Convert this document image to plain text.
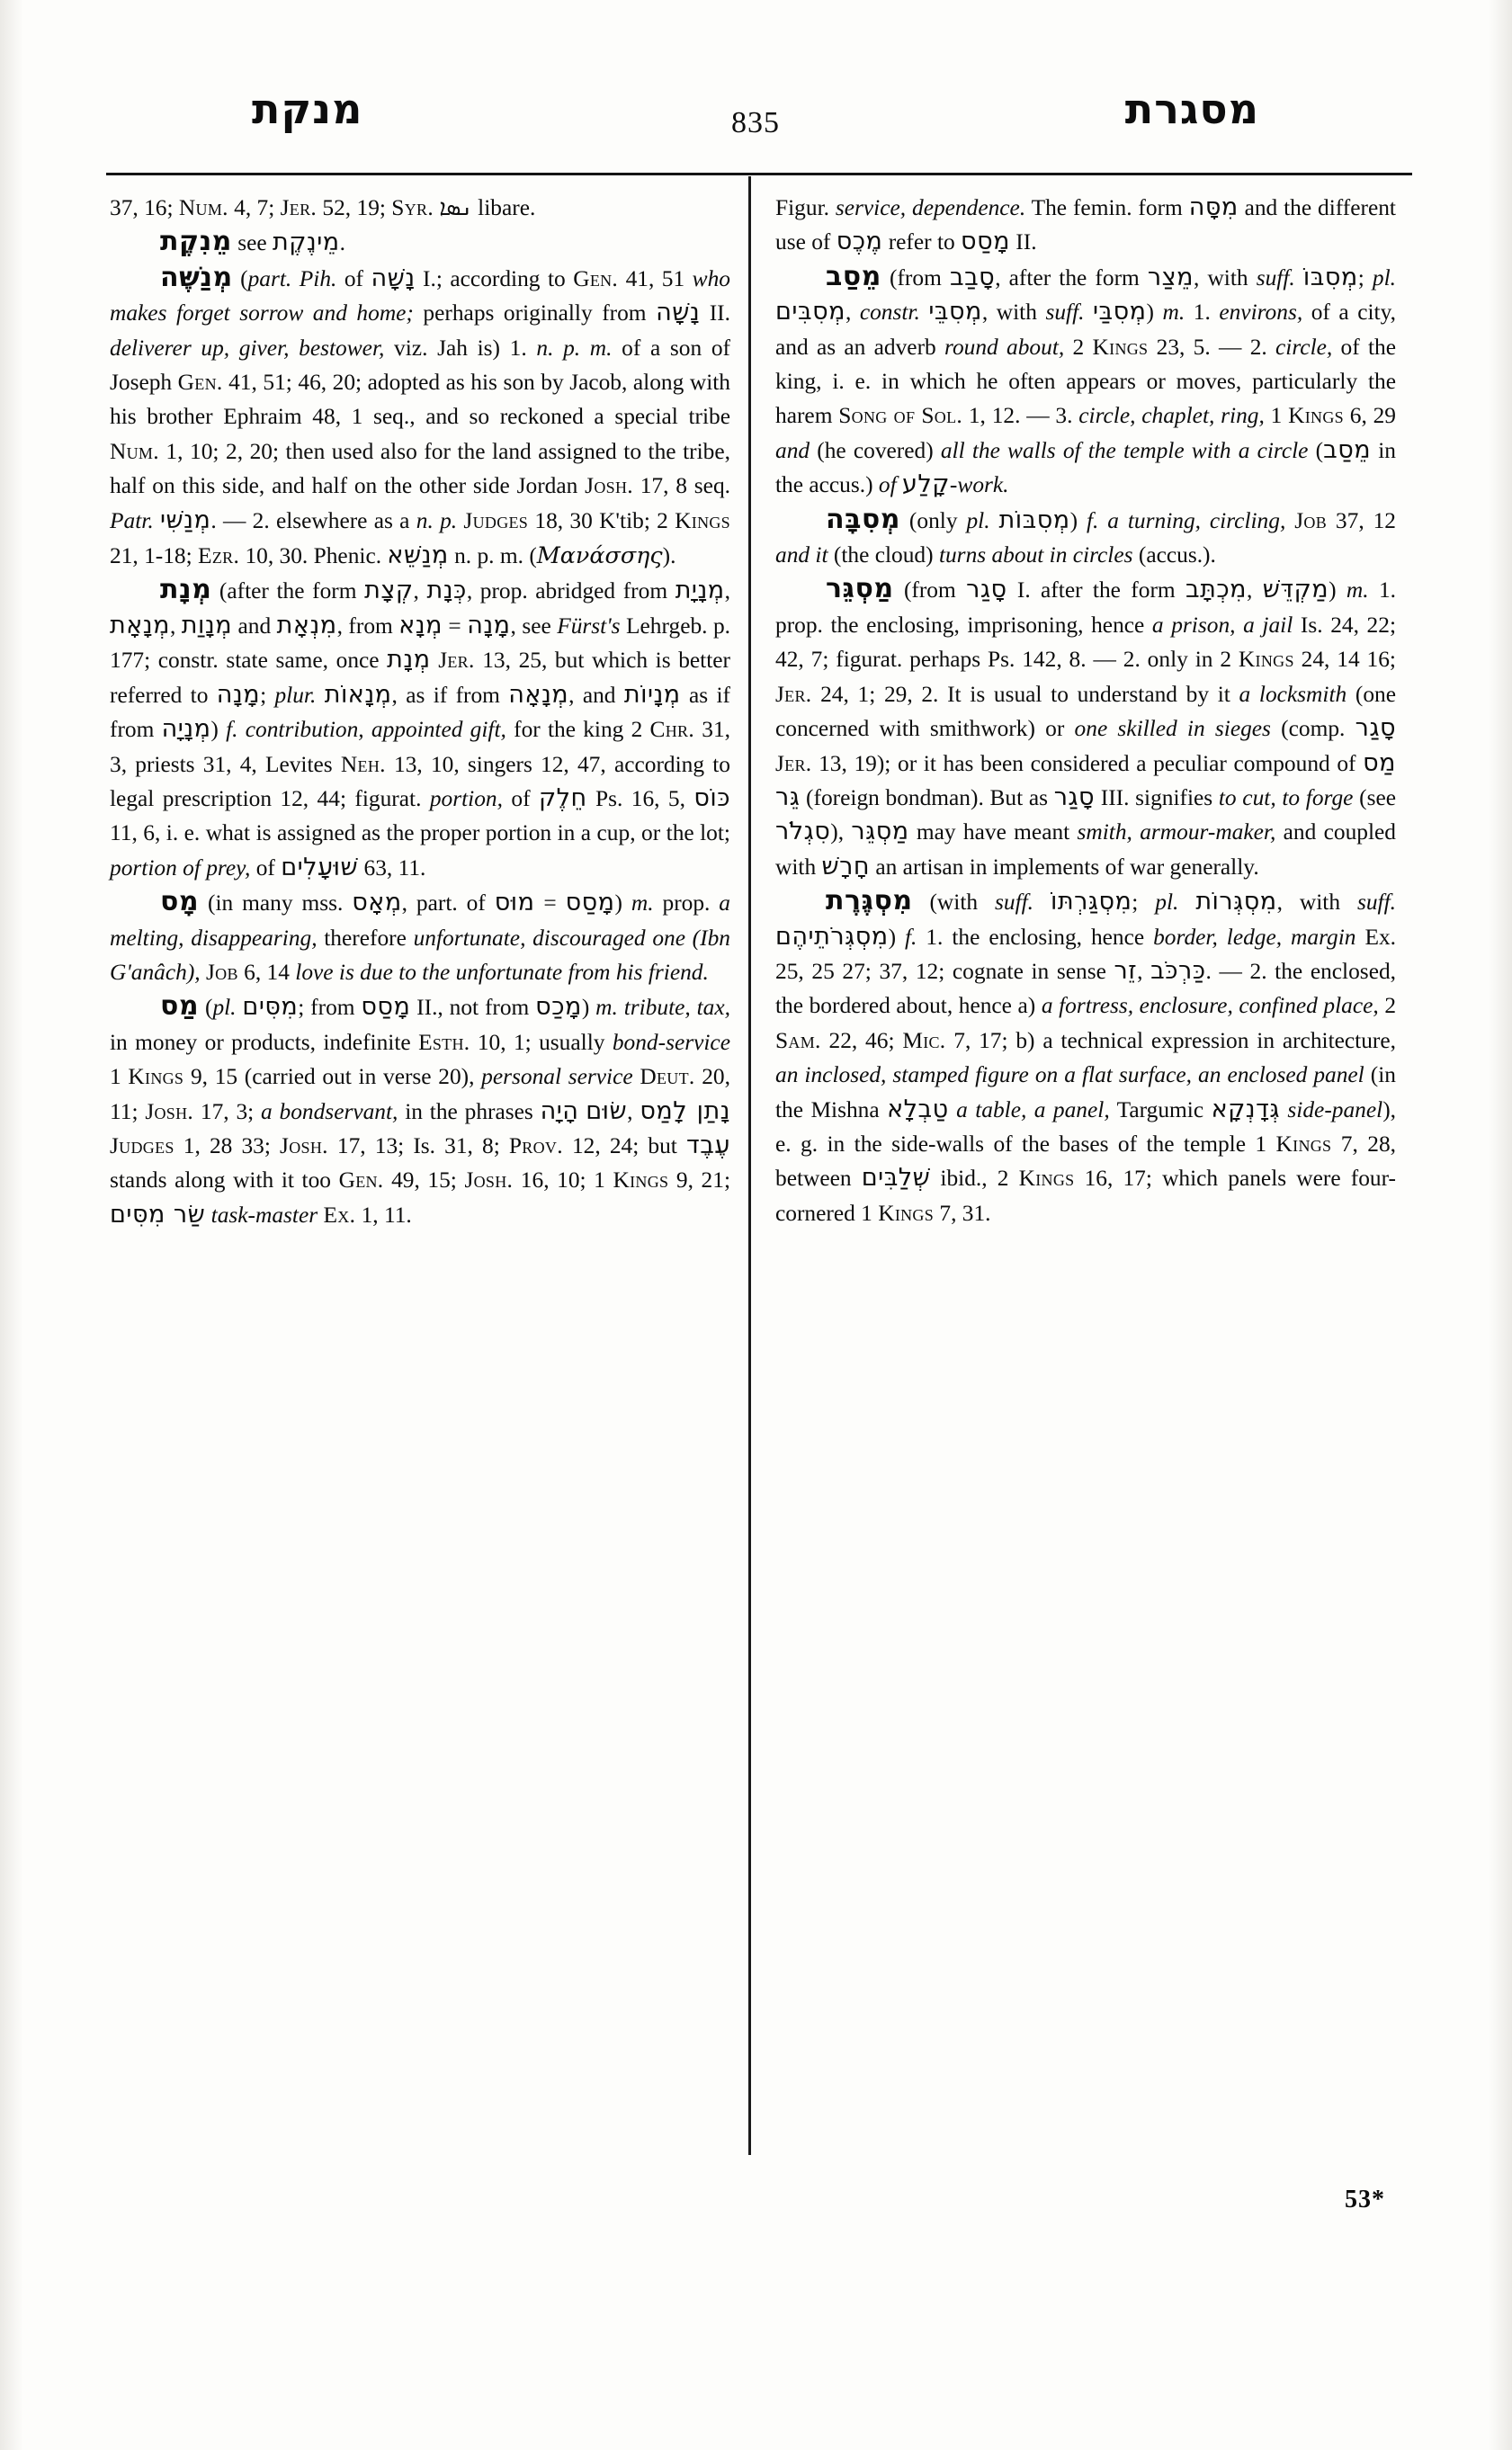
מנקת	835	מסגרת

37, 16; Num. 4, 7; Jer. 52, 19; Syr. ܢܣܐ libare.

מֵנִקֶת see מֵינֶקֶת.

מְנַשֶּׁה (part. Pih. of נָשָׁה I.; according to Gen. 41, 51 who makes forget sorrow and home; perhaps originally from נָשָׁה II. deliverer up, giver, bestower, viz. Jah is) 1. n. p. m. of a son of Joseph Gen. 41, 51; 46, 20; adopted as his son by Jacob, along with his brother Ephraim 48, 1 seq., and so reckoned a special tribe Num. 1, 10; 2, 20; then used also for the land assigned to the tribe, half on this side, and half on the other side Jordan Josh. 17, 8 seq. Patr. מְנַשִּׁי. — 2. elsewhere as a n. p. Judges 18, 30 K'tib; 2 Kings 21, 1-18; Ezr. 10, 30. Phenic. מְנַשֵּׁא n. p. m. (Μανάσσης).

מְנָת (after the form קְצָת, כְּנָת, prop. abridged from מְנָיָת, מְנָאָת, מְנָוַת and מִנְאָת, from מְנָא = מָנָה, see Fürst's Lehrgeb. p. 177; constr. state same, once מְנָת Jer. 13, 25, but which is better referred to מָנָה; plur. מְנָאוֹת, as if from מְנָאָה, and מְנָיוֹת as if from מְנָיָה) f. contribution, appointed gift, for the king 2 Chr. 31, 3, priests 31, 4, Levites Neh. 13, 10, singers 12, 47, according to legal prescription 12, 44; figurat. portion, of חֵלֶק Ps. 16, 5, כּוֹס 11, 6, i. e. what is assigned as the proper portion in a cup, or the lot; portion of prey, of שׁוּעָלִים 63, 11.

מָס (in many mss. מְאָס, part. of מוּס = מָסַס) m. prop. a melting, disappearing, therefore unfortunate, discouraged one (Ibn G'anâch), Job 6, 14 love is due to the unfortunate from his friend.

מַס (pl. מִסִּים; from מָסַס II., not from מָכַס) m. tribute, tax, in money or products, indefinite Esth. 10, 1; usually bond-service 1 Kings 9, 15 (carried out in verse 20), personal service Deut. 20, 11; Josh. 17, 3; a bondservant, in the phrases הָיָה שׂוּם, נָתַן לָמַס Judges 1, 28 33; Josh. 17, 13; Is. 31, 8; Prov. 12, 24; but עֶבֶד stands along with it too Gen. 49, 15; Josh. 16, 10; 1 Kings 9, 21; שַׂר מִסִּים task-master Ex. 1, 11.

Figur. service, dependence. The femin. form מִסָּה and the different use of מֶכֶס refer to מָסַס II.

מֵסַב (from סָבַב, after the form מֵצַר, with suff. מְסִבּוֹ; pl. מְסִבִּים, constr. מְסִבֵּי, with suff. מְסִבַּי) m. 1. environs, of a city, and as an adverb round about, 2 Kings 23, 5. — 2. circle, of the king, i. e. in which he often appears or moves, particularly the harem Song of Sol. 1, 12. — 3. circle, chaplet, ring, 1 Kings 6, 29 and (he covered) all the walls of the temple with a circle (מֵסַב in the accus.) of קָלַע-work.

מְסִבָּה (only pl. מְסִבּוֹת) f. a turning, circling, Job 37, 12 and it (the cloud) turns about in circles (accus.).

מַסְגֵּר (from סָגַר I. after the form מִכְתָּב, מַקְדֵּשׁ) m. 1. prop. the enclosing, imprisoning, hence a prison, a jail Is. 24, 22; 42, 7; figurat. perhaps Ps. 142, 8. — 2. only in 2 Kings 24, 14 16; Jer. 24, 1; 29, 2. It is usual to understand by it a locksmith (one concerned with smithwork) or one skilled in sieges (comp. סָגַר Jer. 13, 19); or it has been considered a peculiar compound of מַס גֵּר (foreign bondman). But as סָגַר III. signifies to cut, to forge (see סִגְלֹר), מַסְגֵּר may have meant smith, armour-maker, and coupled with חָרָשׁ an artisan in implements of war generally.

מִסְגֶּרֶת (with suff. מִסְגַּרְתּוֹ; pl. מִסְגְּרוֹת, with suff. מִסְגְּרֹתֵיהֶם) f. 1. the enclosing, hence border, ledge, margin Ex. 25, 25 27; 37, 12; cognate in sense זֵר, כַּרְכֹּב. — 2. the enclosed, the bordered about, hence a) a fortress, enclosure, confined place, 2 Sam. 22, 46; Mic. 7, 17; b) a technical expression in architecture, an inclosed, stamped figure on a flat surface, an enclosed panel (in the Mishna טַבְלָא a table, a panel, Targumic גְּדָנְקָא side-panel), e. g. in the side-walls of the bases of the temple 1 Kings 7, 28, between שְׁלַבִּים ibid., 2 Kings 16, 17; which panels were four-cornered 1 Kings 7, 31.

53*
